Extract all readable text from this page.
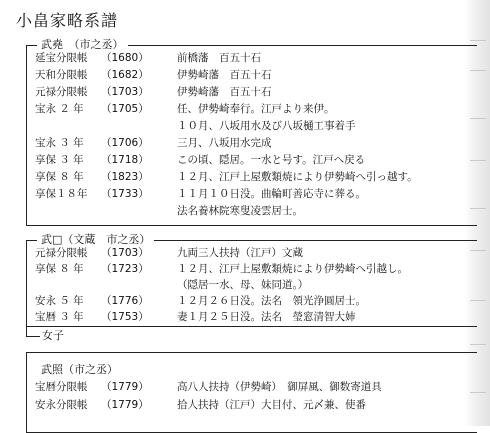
小畠家略系譜
武堯　（市之丞）
延宝分限帳	（1680）	前橋藩　百五十石
天和分限帳	（1682）	伊勢崎藩　百五十石
元禄分限帳	（1703）	伊勢崎藩　百五十石
宝永 ２ 年	（1705）	任、伊勢崎奉行。江戸より来伊。
１０月、八坂用水及び八坂樋工事着手
宝永 ３ 年	（1706）	三月、八坂用水完成
享保 ３ 年	（1718）	この頃、隠居。一水と号す。江戸へ戻る
享保 ８ 年	（1823）	１２月、江戸上屋敷類焼により伊勢崎へ引っ越す。
享保１８年	（1733）	１１月１０日没。曲輪町善応寺に葬る。
法名養林院寒叟凌雲居士。
武□（文蔵　市之丞）
元禄分限帳	（1703）	九両三人扶持（江戸）文蔵
享保 ８ 年	（1723）	１２月、江戸上屋敷類焼により伊勢崎へ引越し。
（隠居一水、母、妹同道。）
安永 ５ 年	（1776）	１２月２６日没。法名　領光浄圓居士。
宝暦 ３ 年	（1753）	妻１月２５日没。法名　瑩窓清智大姉
女子
武照（市之丞）
宝暦分限帳	（1779）	高八人扶持（伊勢崎）　御屏風、御数寄道具
安永分限帳	（1779）	拾人扶持（江戸）大目付、元〆兼、使番
